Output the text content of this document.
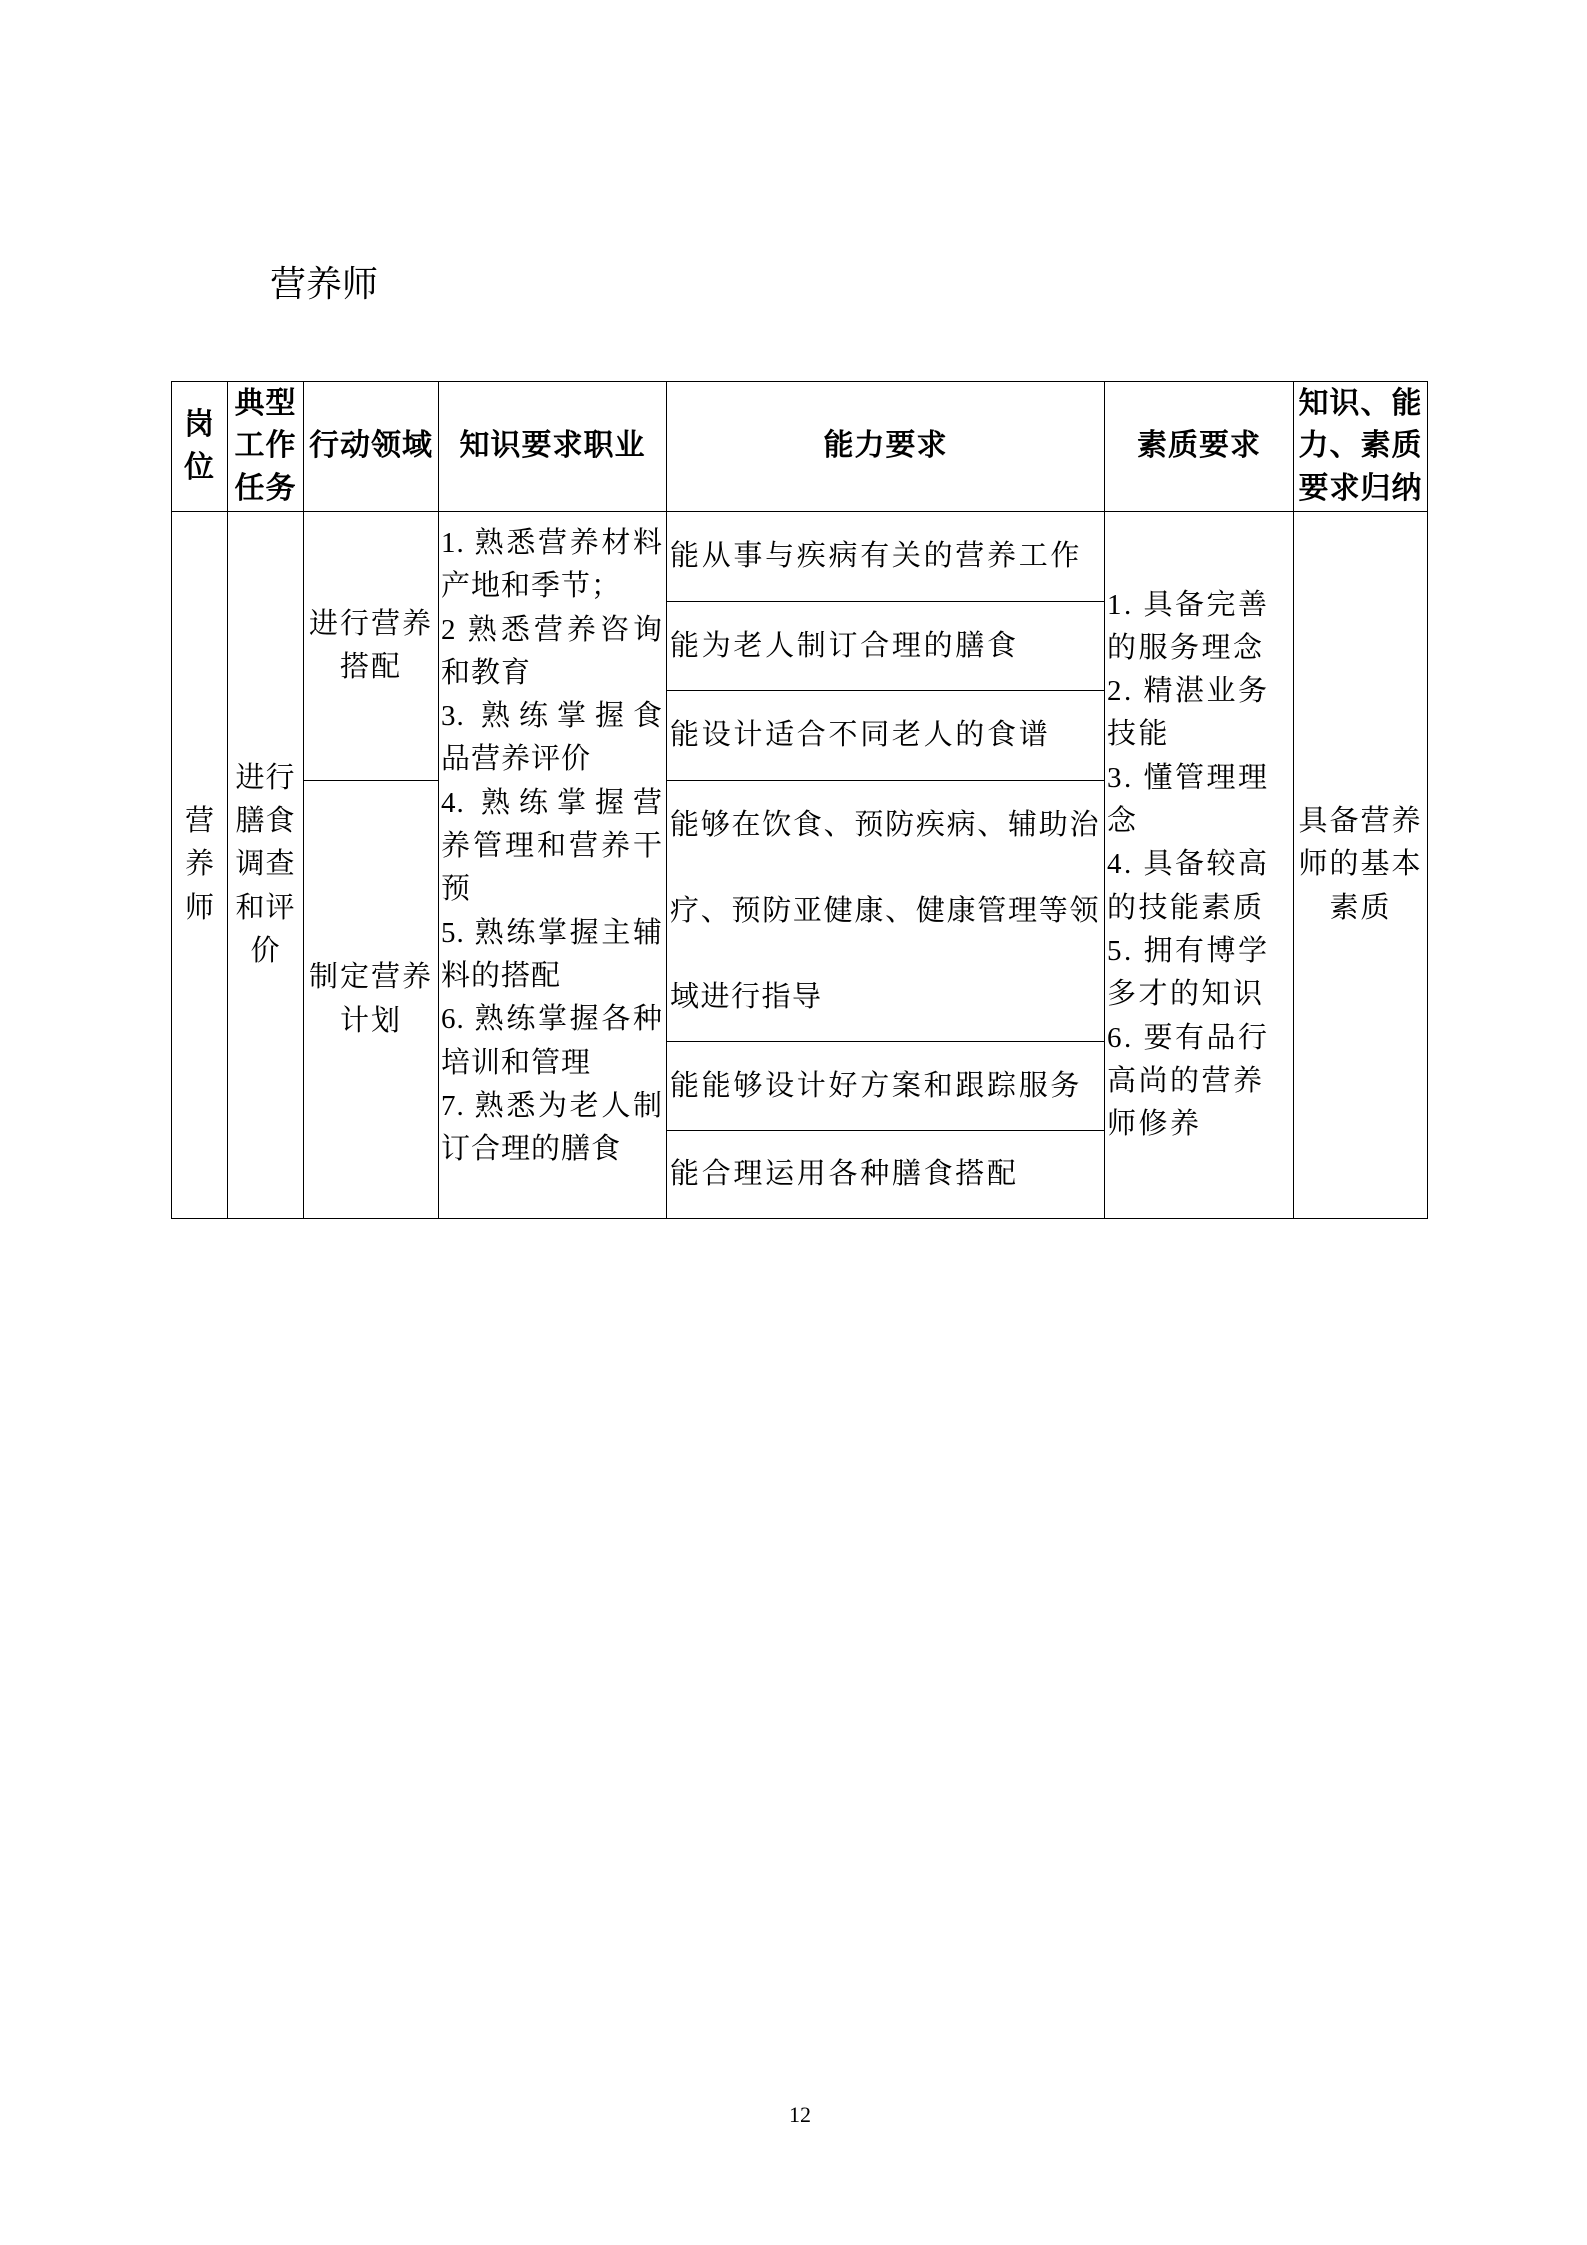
营养师
岗位
典型工作任务
行动领域 知识要求职业	能力要求	素质要求
知识、能力、素质要求归纳
营养师
进行膳食调查和评价
进行营养搭配
制定营养计划
1. 熟悉营养材料
产地和季节；
2 熟悉营养咨询
和教育
3. 熟练掌握食
品营养评价
4. 熟练掌握营
养管理和营养干
预
5. 熟练掌握主辅
料的搭配
6. 熟练掌握各种
培训和管理
7. 熟悉为老人制
订合理的膳食
能从事与疾病有关的营养工作
能为老人制订合理的膳食
能设计适合不同老人的食谱
能够在饮食、预防疾病、辅助治疗、预防亚健康、健康管理等领域进行指导
能能够设计好方案和跟踪服务
能合理运用各种膳食搭配
1. 具备完善
的服务理念
2. 精湛业务
技能
3. 懂管理理
念
4. 具备较高
的技能素质
5. 拥有博学
多才的知识
6. 要有品行
高尚的营养
师修养
具备营养师的基本素质
12
